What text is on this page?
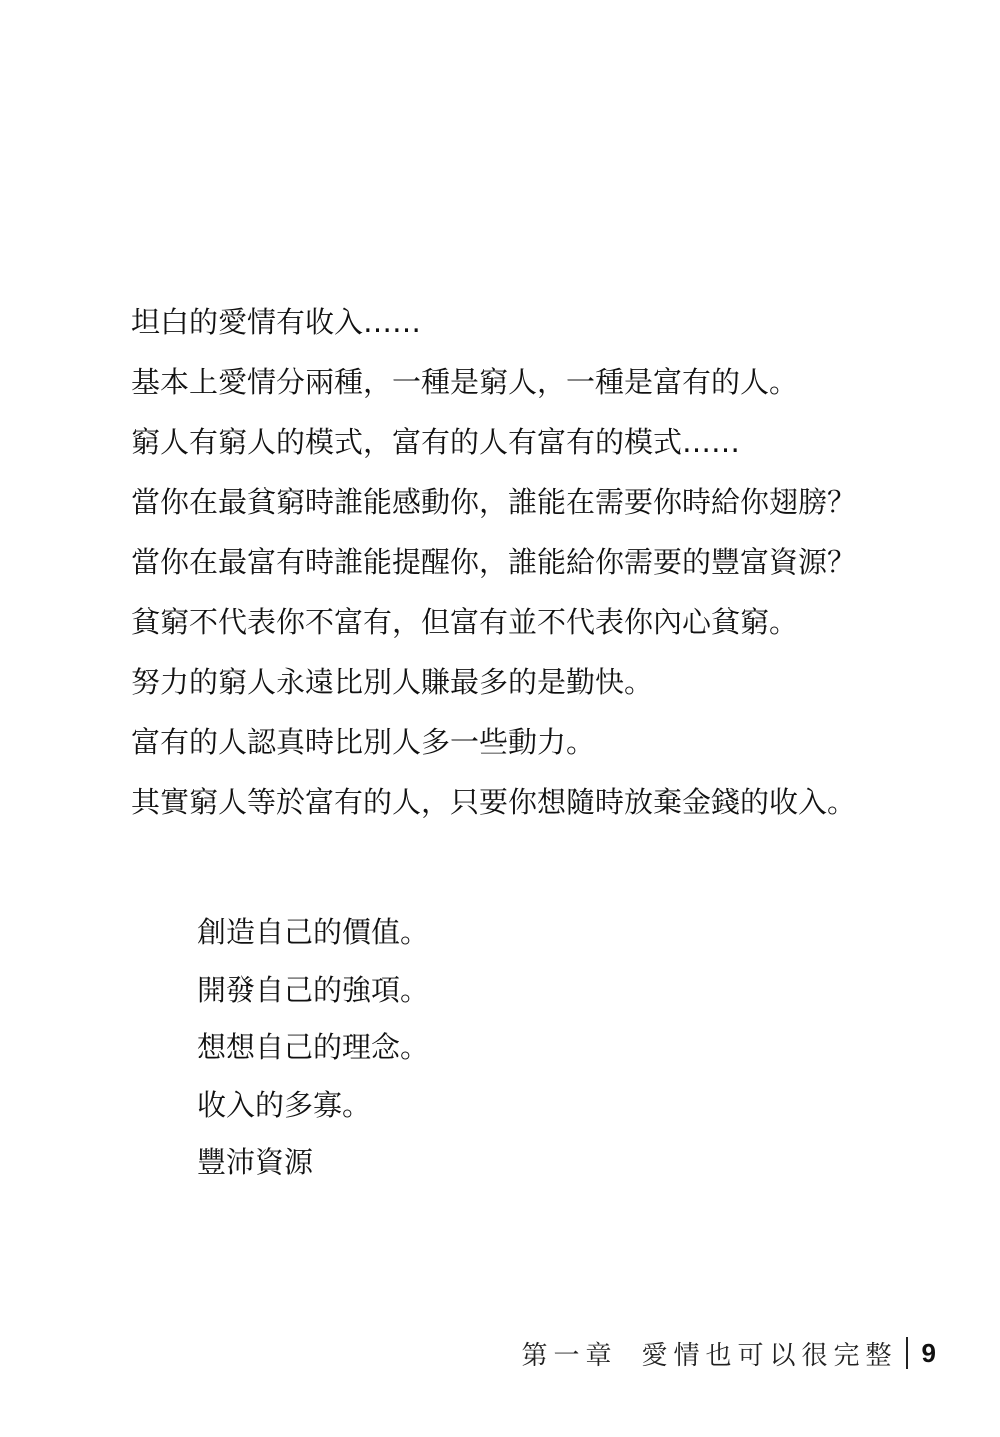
坦白的愛情有收入……
基本上愛情分兩種，一種是窮人，一種是富有的人。
窮人有窮人的模式，富有的人有富有的模式……
當你在最貧窮時誰能感動你，誰能在需要你時給你翅膀？
當你在最富有時誰能提醒你，誰能給你需要的豐富資源？
貧窮不代表你不富有，但富有並不代表你內心貧窮。
努力的窮人永遠比別人賺最多的是勤快。
富有的人認真時比別人多一些動力。
其實窮人等於富有的人，只要你想隨時放棄金錢的收入。
創造自己的價值。
開發自己的強項。
想想自己的理念。
收入的多寡。
豐沛資源
第一章 愛情也可以很完整 9
